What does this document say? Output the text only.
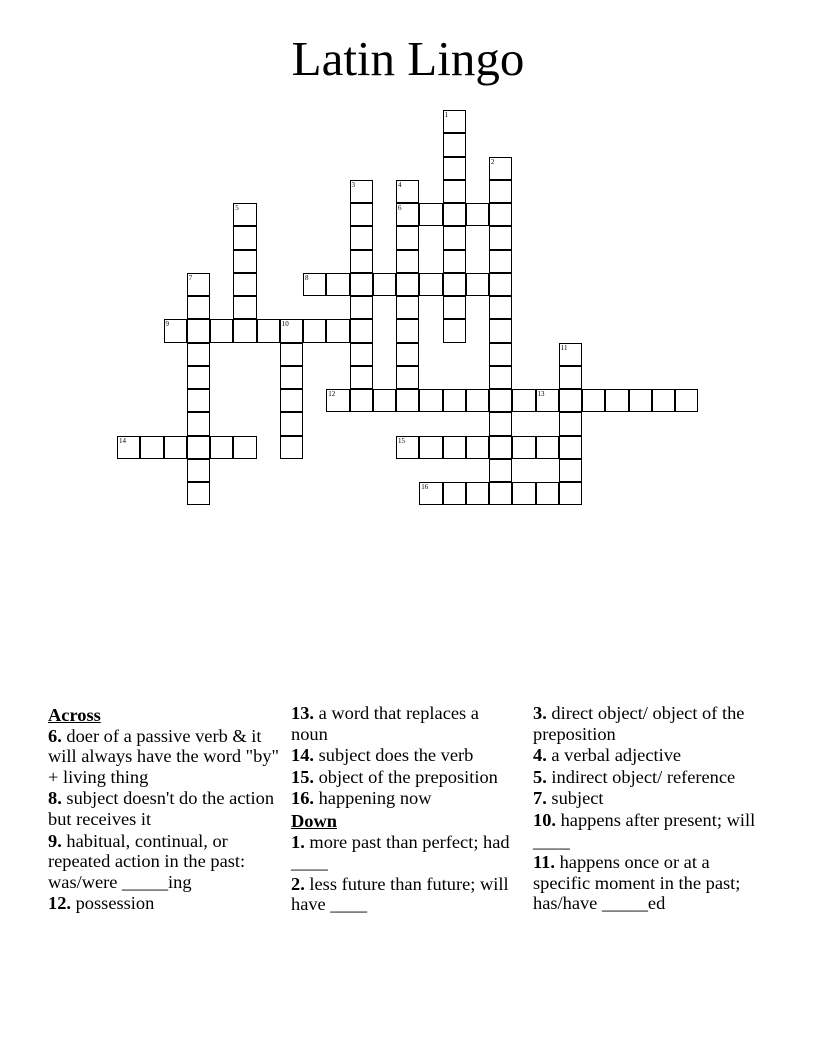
Latin Lingo
1
2
3	4
6
5
7	8
9	10
11
12	13
14	15
16
Across
6. doer of a passive verb & it will always have the word "by" + living thing
8. subject doesn't do the action but receives it
9. habitual, continual, or repeated action in the past: was/were _____ing
12. possession
13. a word that replaces a noun
14. subject does the verb
15. object of the preposition
16. happening now
Down
1. more past than perfect; had ____
2. less future than future; will have ____
3. direct object/ object of the preposition
4. a verbal adjective
5. indirect object/ reference
7. subject
10. happens after present; will ____
11. happens once or at a specific moment in the past; has/have _____ed
